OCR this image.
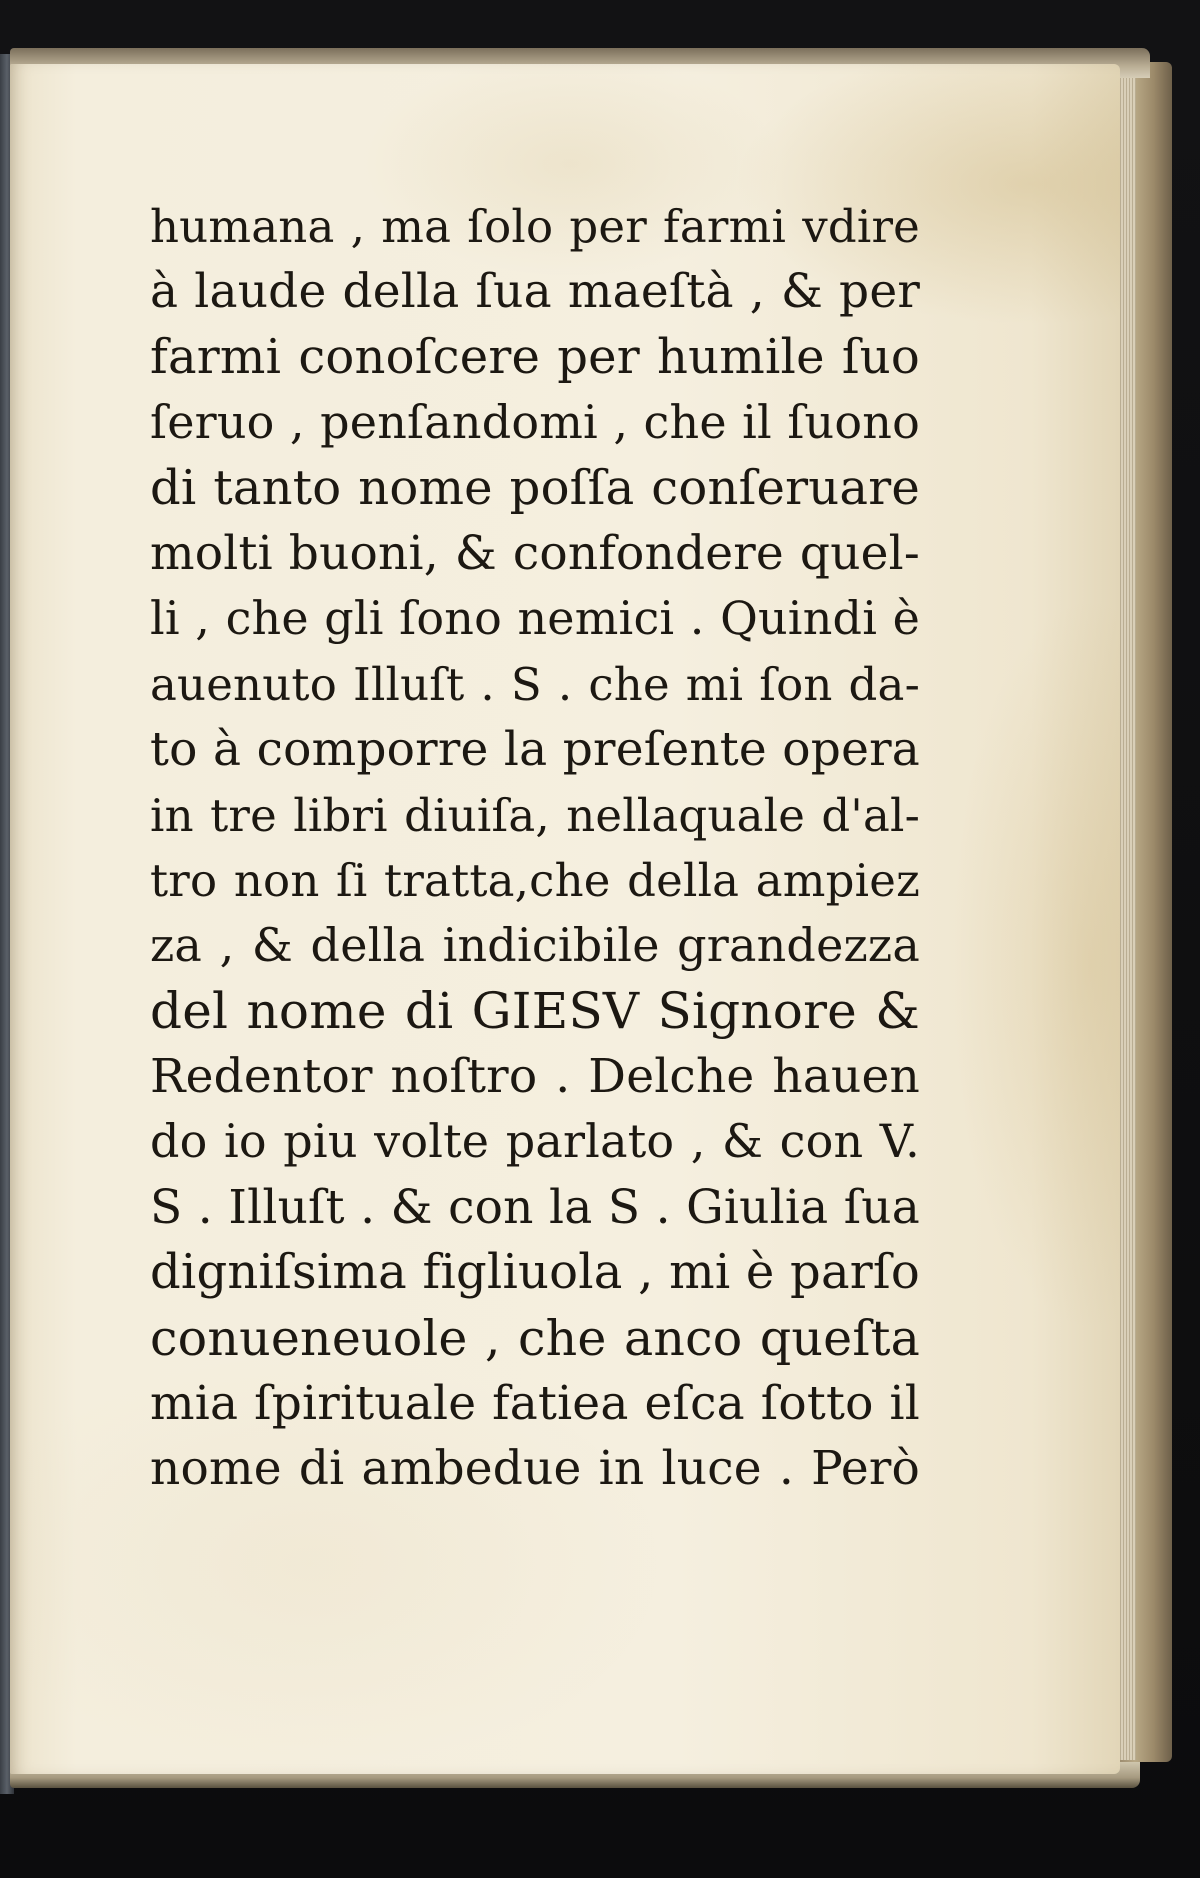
humana , ma ſolo per farmi vdire
à laude della ſua maeſtà , & per
farmi conoſcere per humile ſuo
ſeruo , penſandomi , che il ſuono
di tanto nome poſſa conſeruare
molti buoni, & confondere quel-
li , che gli ſono nemici . Quindi è
auenuto Illuſt . S . che mi ſon da-
to à comporre la preſente opera
in tre libri diuiſa, nellaquale d'al-
tro non ſi tratta,che della ampiez
za , & della indicibile grandezza
del nome di GIESV Signore &
Redentor noſtro . Delche hauen
do io piu volte parlato , & con V.
S . Illuſt . & con la S . Giulia ſua
digniſsima figliuola , mi è parſo
conueneuole , che anco queſta
mia ſpirituale fatiea eſca ſotto il
nome di ambedue in luce . Però
